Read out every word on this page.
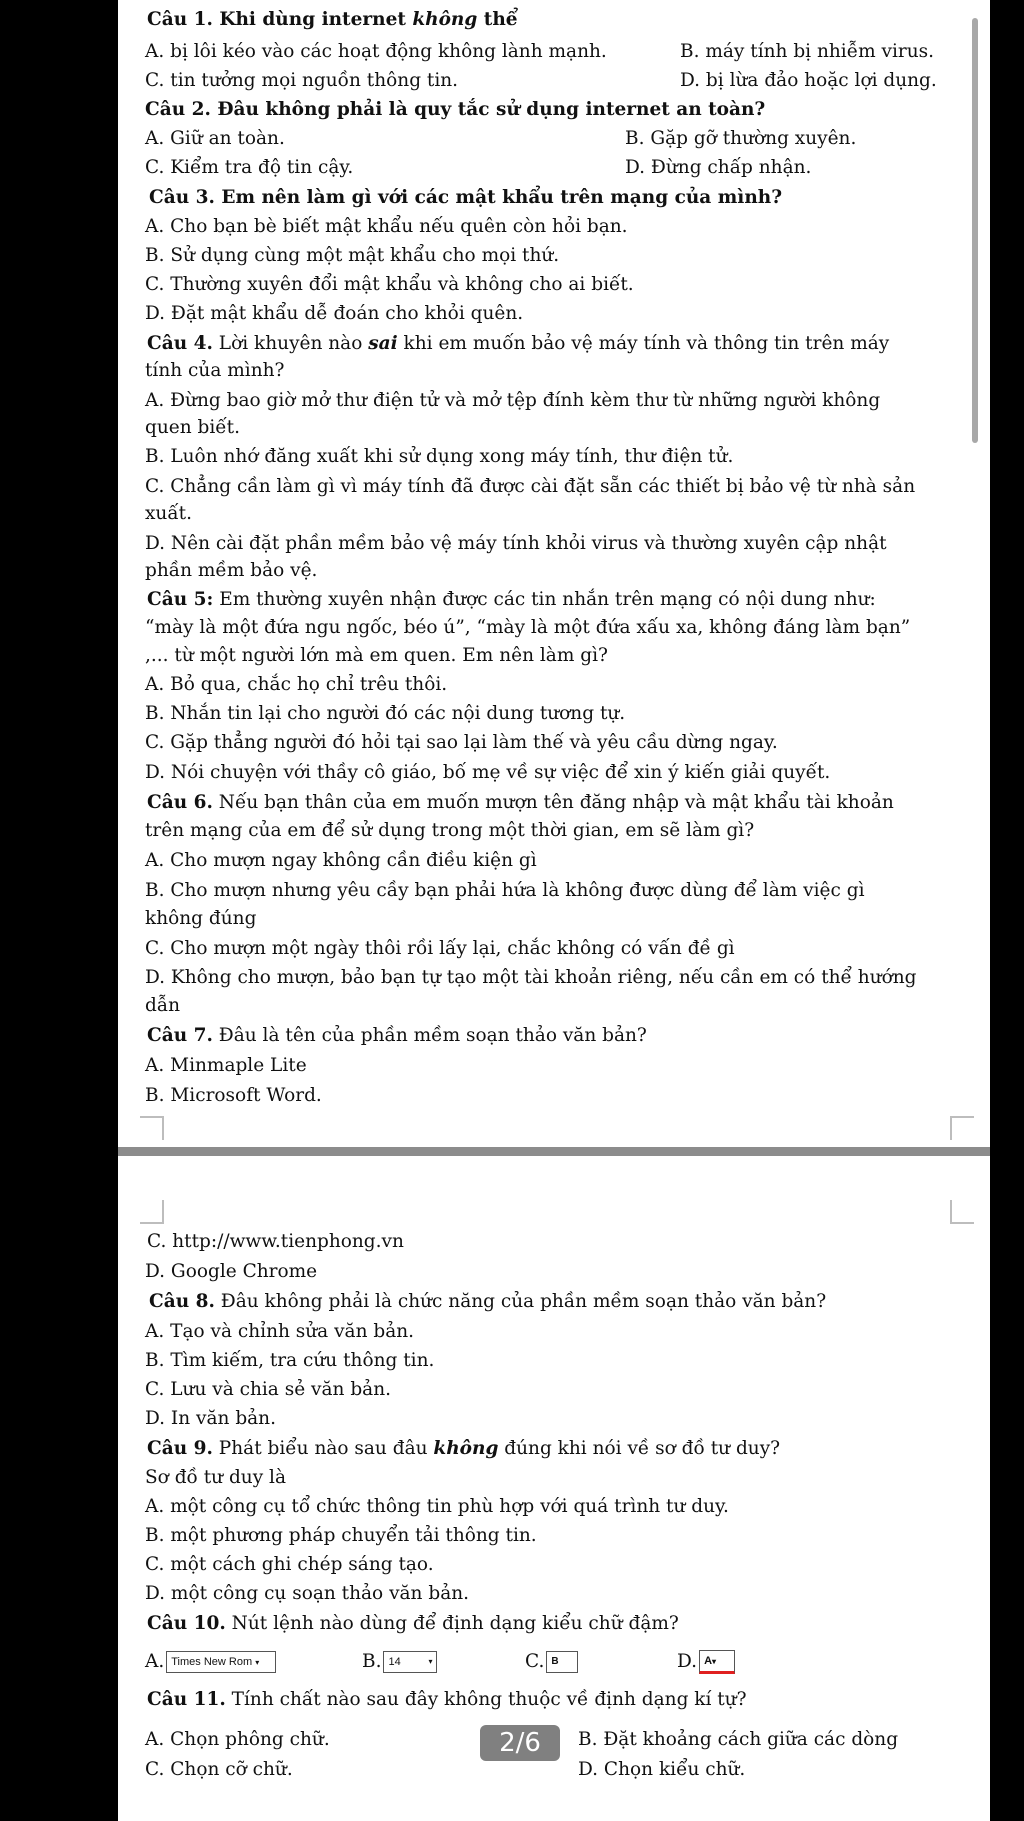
Câu 1. Khi dùng internet không thể
A. bị lôi kéo vào các hoạt động không lành mạnh.	B. máy tính bị nhiễm virus.
C. tin tưởng mọi nguồn thông tin.	D. bị lừa đảo hoặc lợi dụng.
Câu 2. Đâu không phải là quy tắc sử dụng internet an toàn?
A. Giữ an toàn.	B. Gặp gỡ thường xuyên.
C. Kiểm tra độ tin cậy.	D. Đừng chấp nhận.
Câu 3. Em nên làm gì với các mật khẩu trên mạng của mình?
A. Cho bạn bè biết mật khẩu nếu quên còn hỏi bạn.
B. Sử dụng cùng một mật khẩu cho mọi thứ.
C. Thường xuyên đổi mật khẩu và không cho ai biết.
D. Đặt mật khẩu dễ đoán cho khỏi quên.
Câu 4. Lời khuyên nào sai khi em muốn bảo vệ máy tính và thông tin trên máy
tính của mình?
A. Đừng bao giờ mở thư điện tử và mở tệp đính kèm thư từ những người không
quen biết.
B. Luôn nhớ đăng xuất khi sử dụng xong máy tính, thư điện tử.
C. Chẳng cần làm gì vì máy tính đã được cài đặt sẵn các thiết bị bảo vệ từ nhà sản
xuất.
D. Nên cài đặt phần mềm bảo vệ máy tính khỏi virus và thường xuyên cập nhật
phần mềm bảo vệ.
Câu 5: Em thường xuyên nhận được các tin nhắn trên mạng có nội dung như:
“mày là một đứa ngu ngốc, béo ú”, “mày là một đứa xấu xa, không đáng làm bạn”
,... từ một người lớn mà em quen. Em nên làm gì?
A. Bỏ qua, chắc họ chỉ trêu thôi.
B. Nhắn tin lại cho người đó các nội dung tương tự.
C. Gặp thẳng người đó hỏi tại sao lại làm thế và yêu cầu dừng ngay.
D. Nói chuyện với thầy cô giáo, bố mẹ về sự việc để xin ý kiến giải quyết.
Câu 6. Nếu bạn thân của em muốn mượn tên đăng nhập và mật khẩu tài khoản
trên mạng của em để sử dụng trong một thời gian, em sẽ làm gì?
A. Cho mượn ngay không cần điều kiện gì
B. Cho mượn nhưng yêu cầy bạn phải hứa là không được dùng để làm việc gì
không đúng
C. Cho mượn một ngày thôi rồi lấy lại, chắc không có vấn đề gì
D. Không cho mượn, bảo bạn tự tạo một tài khoản riêng, nếu cần em có thể hướng
dẫn
Câu 7. Đâu là tên của phần mềm soạn thảo văn bản?
A. Minmaple Lite
B. Microsoft Word.
C. http://www.tienphong.vn
D. Google Chrome
Câu 8. Đâu không phải là chức năng của phần mềm soạn thảo văn bản?
A. Tạo và chỉnh sửa văn bản.
B. Tìm kiếm, tra cứu thông tin.
C. Lưu và chia sẻ văn bản.
D. In văn bản.
Câu 9. Phát biểu nào sau đâu không đúng khi nói về sơ đồ tư duy?
Sơ đồ tư duy là
A. một công cụ tổ chức thông tin phù hợp với quá trình tư duy.
B. một phương pháp chuyển tải thông tin.
C. một cách ghi chép sáng tạo.
D. một công cụ soạn thảo văn bản.
Câu 10. Nút lệnh nào dùng để định dạng kiểu chữ đậm?
A. Times New Rom ▾	B. 14	▾	C. B	D. A▾
Câu 11. Tính chất nào sau đây không thuộc về định dạng kí tự?
A. Chọn phông chữ.	B. Đặt khoảng cách giữa các dòng
C. Chọn cỡ chữ.	D. Chọn kiểu chữ.
2/6
